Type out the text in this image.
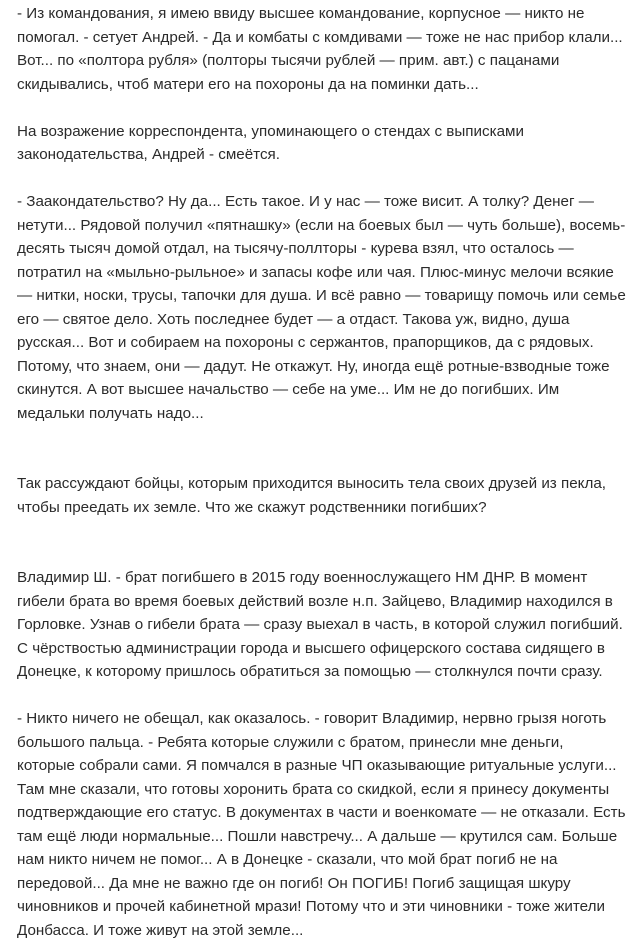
- Из командования, я имею ввиду высшее командование, корпусное — никто не
помогал. - сетует Андрей. - Да и комбаты с комдивами — тоже не нас прибор клали...
Вот... по «полтора рубля» (полторы тысячи рублей — прим. авт.) с пацанами
скидывались, чтоб матери его на похороны да на поминки дать...

На возражение корреспондента, упоминающего о стендах с выписками
законодательства, Андрей - смеётся.

- Заакондательство? Ну да... Есть такое. И у нас — тоже висит. А толку? Денег —
нетути... Рядовой получил «пятнашку» (если на боевых был — чуть больше), восемь-
десять тысяч домой отдал, на тысячу-поллторы - курева взял, что осталось —
потратил на «мыльно-рыльное» и запасы кофе или чая. Плюс-минус мелочи всякие
— нитки, носки, трусы, тапочки для душа. И всё равно — товарищу помочь или семье
его — святое дело. Хоть последнее будет — а отдаст. Такова уж, видно, душа
русская... Вот и собираем на похороны с сержантов, прапорщиков, да с рядовых.
Потому, что знаем, они — дадут. Не откажут. Ну, иногда ещё ротные-взводные тоже
скинутся. А вот высшее начальство — себе на уме... Им не до погибших. Им
медальки получать надо...

Так рассуждают бойцы, которым приходится выносить тела своих друзей из пекла,
чтобы преедать их земле. Что же скажут родственники погибших?

Владимир Ш. - брат погибшего в 2015 году военнослужащего НМ ДНР. В момент
гибели брата во время боевых действий возле н.п. Зайцево, Владимир находился в
Горловке. Узнав о гибели брата — сразу выехал в часть, в которой служил погибший.
С чёрствостью администрации города и высшего офицерского состава сидящего в
Донецке, к которому пришлось обратиться за помощью — столкнулся почти сразу.

- Никто ничего не обещал, как оказалось. - говорит Владимир, нервно грызя ноготь
большого пальца. - Ребята которые служили с братом, принесли мне деньги,
которые собрали сами. Я помчался в разные ЧП оказывающие ритуальные услуги...
Там мне сказали, что готовы хоронить брата со скидкой, если я принесу документы
подтверждающие его статус. В документах в части и военкомате — не отказали. Есть
там ещё люди нормальные... Пошли навстречу... А дальше — крутился сам. Больше
нам никто ничем не помог... А в Донецке - сказали, что мой брат погиб не на
передовой... Да мне не важно где он погиб! Он ПОГИБ! Погиб защищая шкуру
чиновников и прочей кабинетной мрази! Потому что и эти чиновники - тоже жители
Донбасса. И тоже живут на этой земле...
